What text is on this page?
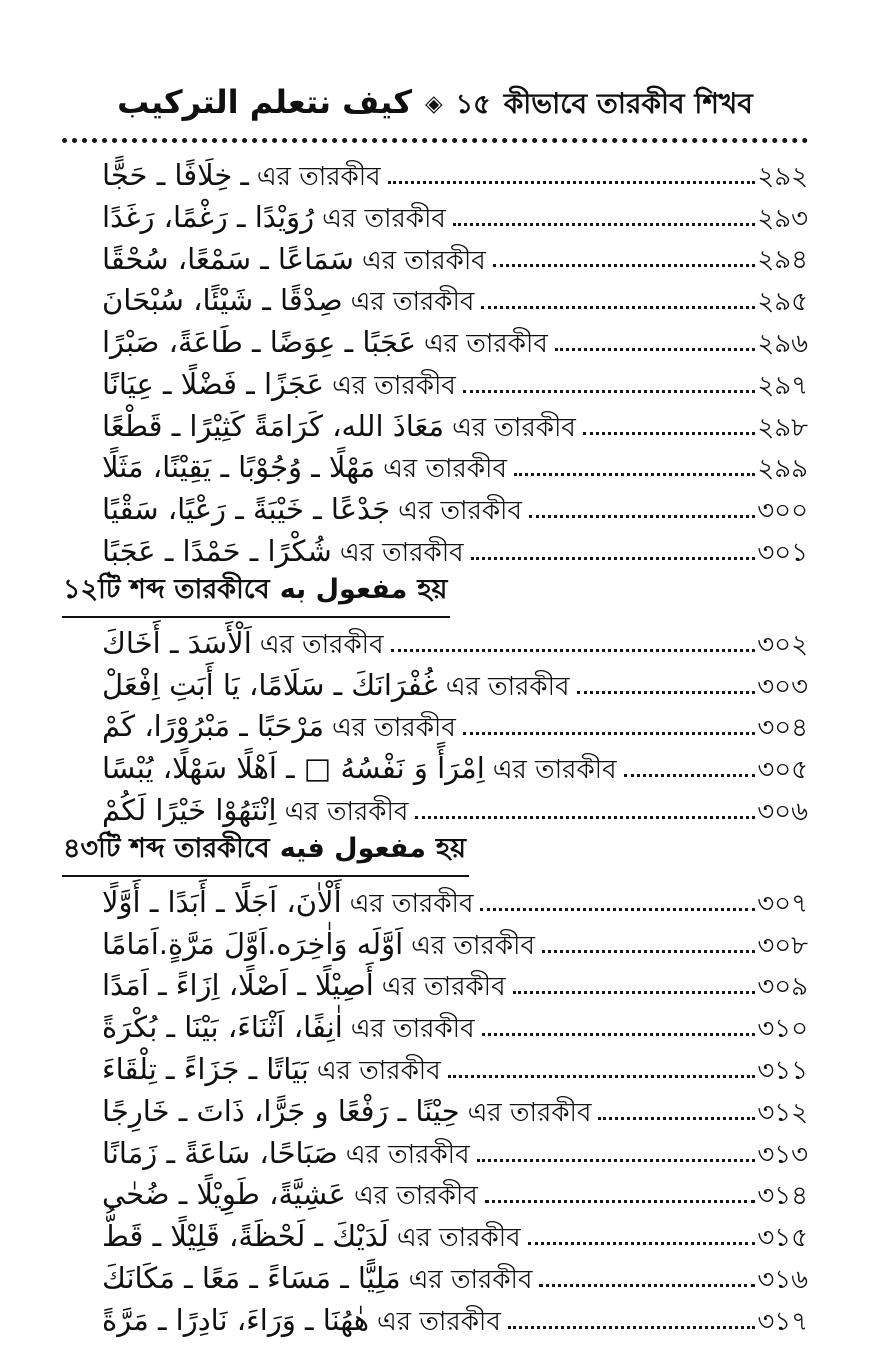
كيف نتعلم التركيب ◈ ১৫ কীভাবে তারকীব শিখব
خِلَافًا ـ حَجًّا ـ এর তারকীব	২৯২
رُوَيْدًا ـ رَغْمًا، رَغَدًا এর তারকীব	২৯৩
سَمَاعًا ـ سَمْعًا، سُحْقًا এর তারকীব	২৯৪
صِدْقًا ـ شَيْئًا، سُبْحَانَ এর তারকীব	২৯৫
عَجَبًا ـ عِوَضًا ـ طَاعَةً، صَبْرًا এর তারকীব	২৯৬
عَجَزًا ـ فَضْلًا ـ عِيَانًا এর তারকীব	২৯৭
مَعَاذَ الله، كَرَامَةً كَثِيْرًا ـ قَطْعًا এর তারকীব	২৯৮
مَهْلًا ـ وُجُوْبًا ـ يَقِيْنًا، مَثَلًا এর তারকীব	২৯৯
جَدْعًا ـ خَيْبَةً ـ رَعْيًا، سَقْيًا এর তারকীব	৩০০
شُكْرًا ـ حَمْدًا ـ عَجَبًا এর তারকীব	৩০১
১২টি শব্দ তারকীবে مفعول به হয়
اَلْأَسَدَ ـ أَخَاكَ এর তারকীব	৩০২
غُفْرَانَكَ ـ سَلَامًا، يَا أَبَتِ اِفْعَلْ এর তারকীব	৩০৩
مَرْحَبًا ـ مَبْرُوْرًا، كَمْ এর তারকীব	৩০৪
اِمْرَأً وَ نَفْسُهُ □ ـ اَهْلًا سَهْلًا، يُبْسًا এর তারকীব	৩০৫
اِنْتَهُوْا خَيْرًا لَكُمْ এর তারকীব	৩০৬
৪৩টি শব্দ তারকীবে مفعول فيه হয়
أَلْاٰنَ، اَجَلًا ـ أَبَدًا ـ أَوَّلًا এর তারকীব	৩০৭
اَوَّلَه وَاٰخِرَه.اَوَّلَ مَرَّةٍ.اَمَامًا এর তারকীব	৩০৮
أَصِيْلًا ـ اَصْلًا، اِزَاءً ـ اَمَدًا এর তারকীব	৩০৯
اٰنِفًا، اَثْنَاءَ، بَيْنَا ـ بُكْرَةً এর তারকীব	৩১০
بَيَاتًا ـ جَزَاءً ـ تِلْقَاءَ এর তারকীব	৩১১
حِيْنًا ـ رَفْعًا و جَرًّا، ذَاتَ ـ خَارِجًا এর তারকীব	৩১২
صَبَاحًا، سَاعَةً ـ زَمَانًا এর তারকীব	৩১৩
عَشِيَّةً، طَوِيْلًا ـ ضُحٰى এর তারকীব	৩১৪
لَدَيْكَ ـ لَحْظَةً، قَلِيْلًا ـ قَطُّ এর তারকীব	৩১৫
مَلِيًّا ـ مَسَاءً ـ مَعًا ـ مَكَانَكَ এর তারকীব	৩১৬
هٰهُنَا ـ وَرَاءَ، نَادِرًا ـ مَرَّةً এর তারকীব	৩১৭
